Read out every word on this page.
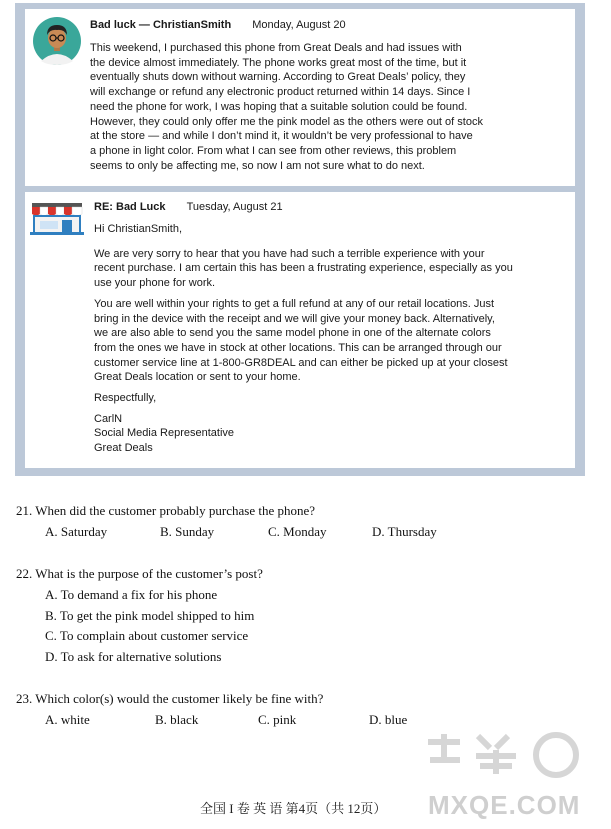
Bad luck — ChristianSmith Monday, August 20
This weekend, I purchased this phone from Great Deals and had issues with
the device almost immediately. The phone works great most of the time, but it
eventually shuts down without warning. According to Great Deals’ policy, they
will exchange or refund any electronic product returned within 14 days. Since I
need the phone for work, I was hoping that a suitable solution could be found.
However, they could only offer me the pink model as the others were out of stock
at the store — and while I don’t mind it, it wouldn’t be very professional to have
a phone in light color. From what I can see from other reviews, this problem
seems to only be affecting me, so now I am not sure what to do next.
RE: Bad Luck Tuesday, August 21

Hi ChristianSmith,

We are very sorry to hear that you have had such a terrible experience with your
recent purchase. I am certain this has been a frustrating experience, especially as you
use your phone for work.

You are well within your rights to get a full refund at any of our retail locations. Just
bring in the device with the receipt and we will give your money back. Alternatively,
we are also able to send you the same model phone in one of the alternate colors
from the ones we have in stock at other locations. This can be arranged through our
customer service line at 1-800-GR8DEAL and can either be picked up at your closest
Great Deals location or sent to your home.

Respectfully,

CarlN
Social Media Representative
Great Deals

21. When did the customer probably purchase the phone?
A. Saturday	B. Sunday	C. Monday	D. Thursday
22. What is the purpose of the customer’s post?
A. To demand a fix for his phone
B. To get the pink model shipped to him
C. To complain about customer service
D. To ask for alternative solutions
23. Which color(s) would the customer likely be fine with?
A. white	B. black	C. pink	D. blue
MXQE.COM
全国 I 卷 英 语 第4页（共 12页）
